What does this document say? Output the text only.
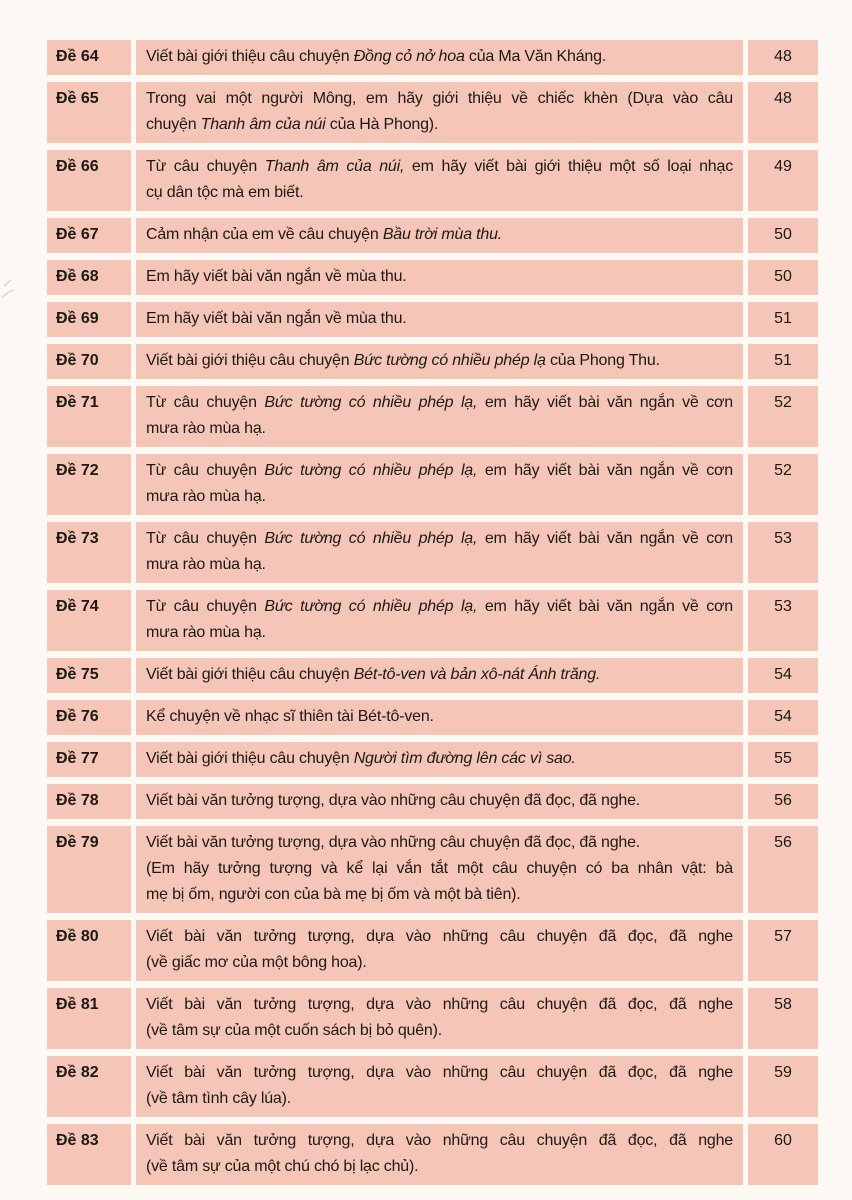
Đề 64	Viết bài giới thiệu câu chuyện Đồng cỏ nở hoa của Ma Văn Kháng.	48
Đề 65	Trong vai một người Mông, em hãy giới thiệu về chiếc khèn (Dựa vào câu
chuyện Thanh âm của núi của Hà Phong).
48
Đề 66	Từ câu chuyện Thanh âm của núi, em hãy viết bài giới thiệu một số loại nhạc
cụ dân tộc mà em biết.
49
Đề 67	Cảm nhận của em về câu chuyện Bầu trời mùa thu.	50
Đề 68	Em hãy viết bài văn ngắn về mùa thu.	50
Đề 69	Em hãy viết bài văn ngắn về mùa thu.	51
Đề 70	Viết bài giới thiệu câu chuyện Bức tường có nhiều phép lạ của Phong Thu.	51
Đề 71	Từ câu chuyện Bức tường có nhiều phép lạ, em hãy viết bài văn ngắn về cơn
mưa rào mùa hạ.
52
Đề 72	Từ câu chuyện Bức tường có nhiều phép lạ, em hãy viết bài văn ngắn về cơn
mưa rào mùa hạ.
52
Đề 73	Từ câu chuyện Bức tường có nhiều phép lạ, em hãy viết bài văn ngắn về cơn
mưa rào mùa hạ.
53
Đề 74	Từ câu chuyện Bức tường có nhiều phép lạ, em hãy viết bài văn ngắn về cơn
mưa rào mùa hạ.
53
Đề 75	Viết bài giới thiệu câu chuyện Bét-tô-ven và bản xô-nát Ánh trăng.	54
Đề 76	Kể chuyện về nhạc sĩ thiên tài Bét-tô-ven.	54
Đề 77	Viết bài giới thiệu câu chuyện Người tìm đường lên các vì sao.	55
Đề 78	Viết bài văn tưởng tượng, dựa vào những câu chuyện đã đọc, đã nghe.	56
Đề 79	Viết bài văn tưởng tượng, dựa vào những câu chuyện đã đọc, đã nghe.
(Em hãy tưởng tượng và kể lại vắn tắt một câu chuyện có ba nhân vật: bà
mẹ bị ốm, người con của bà mẹ bị ốm và một bà tiên).
56
Đề 80	Viết bài văn tưởng tượng, dựa vào những câu chuyện đã đọc, đã nghe
(về giấc mơ của một bông hoa).
57
Đề 81	Viết bài văn tưởng tượng, dựa vào những câu chuyện đã đọc, đã nghe
(về tâm sự của một cuốn sách bị bỏ quên).
58
Đề 82	Viết bài văn tưởng tượng, dựa vào những câu chuyện đã đọc, đã nghe
(về tâm tình cây lúa).
59
Đề 83	Viết bài văn tưởng tượng, dựa vào những câu chuyện đã đọc, đã nghe
(về tâm sự của một chú chó bị lạc chủ).
60
